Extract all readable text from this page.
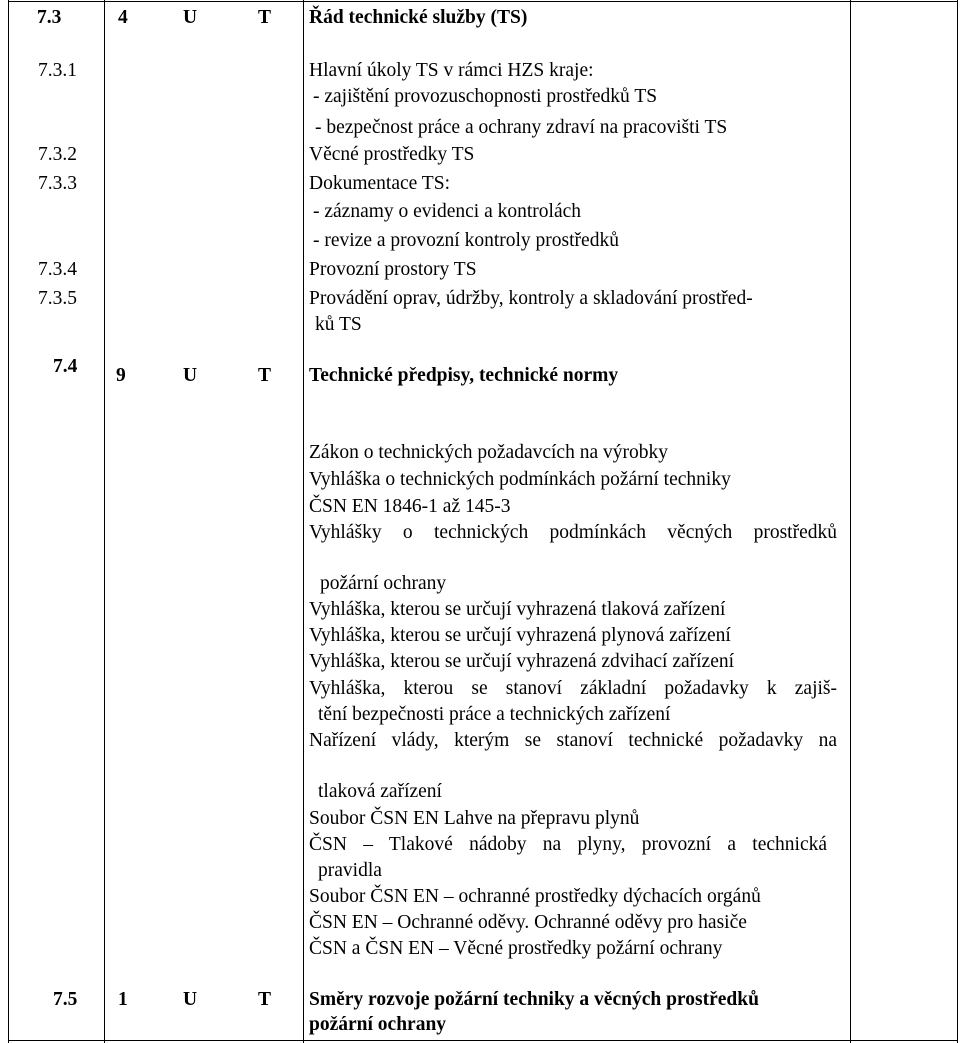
7.3	4	U	T Řád technické služby (TS)
7.3.1	Hlavní úkoly TS v rámci HZS kraje:
- zajištění provozuschopnosti prostředků TS
- bezpečnost práce a ochrany zdraví na pracovišti TS
7.3.2	Věcné prostředky TS
7.3.3	Dokumentace TS:
- záznamy o evidenci a kontrolách
- revize a provozní kontroly prostředků
7.3.4	Provozní prostory TS
7.3.5	Provádění oprav, údržby, kontroly a skladování prostřed-
ků TS
7.4 9	U	T Technické předpisy, technické normy
Zákon o technických požadavcích na výrobky
Vyhláška o technických podmínkách požární techniky
ČSN EN 1846-1 až 145-3
Vyhlášky o technických podmínkách věcných prostředků
požární ochrany
Vyhláška, kterou se určují vyhrazená tlaková zařízení
Vyhláška, kterou se určují vyhrazená plynová zařízení
Vyhláška, kterou se určují vyhrazená zdvihací zařízení
Vyhláška, kterou se stanoví základní požadavky k zajiš-
tění bezpečnosti práce a technických zařízení
Nařízení vlády, kterým se stanoví technické požadavky na
tlaková zařízení
Soubor ČSN EN Lahve na přepravu plynů
ČSN – Tlakové nádoby na plyny, provozní a technická
pravidla
Soubor ČSN EN – ochranné prostředky dýchacích orgánů
ČSN EN – Ochranné oděvy. Ochranné oděvy pro hasiče
ČSN a ČSN EN – Věcné prostředky požární ochrany
7.5 1	U	T Směry rozvoje požární techniky a věcných prostředků
požární ochrany
